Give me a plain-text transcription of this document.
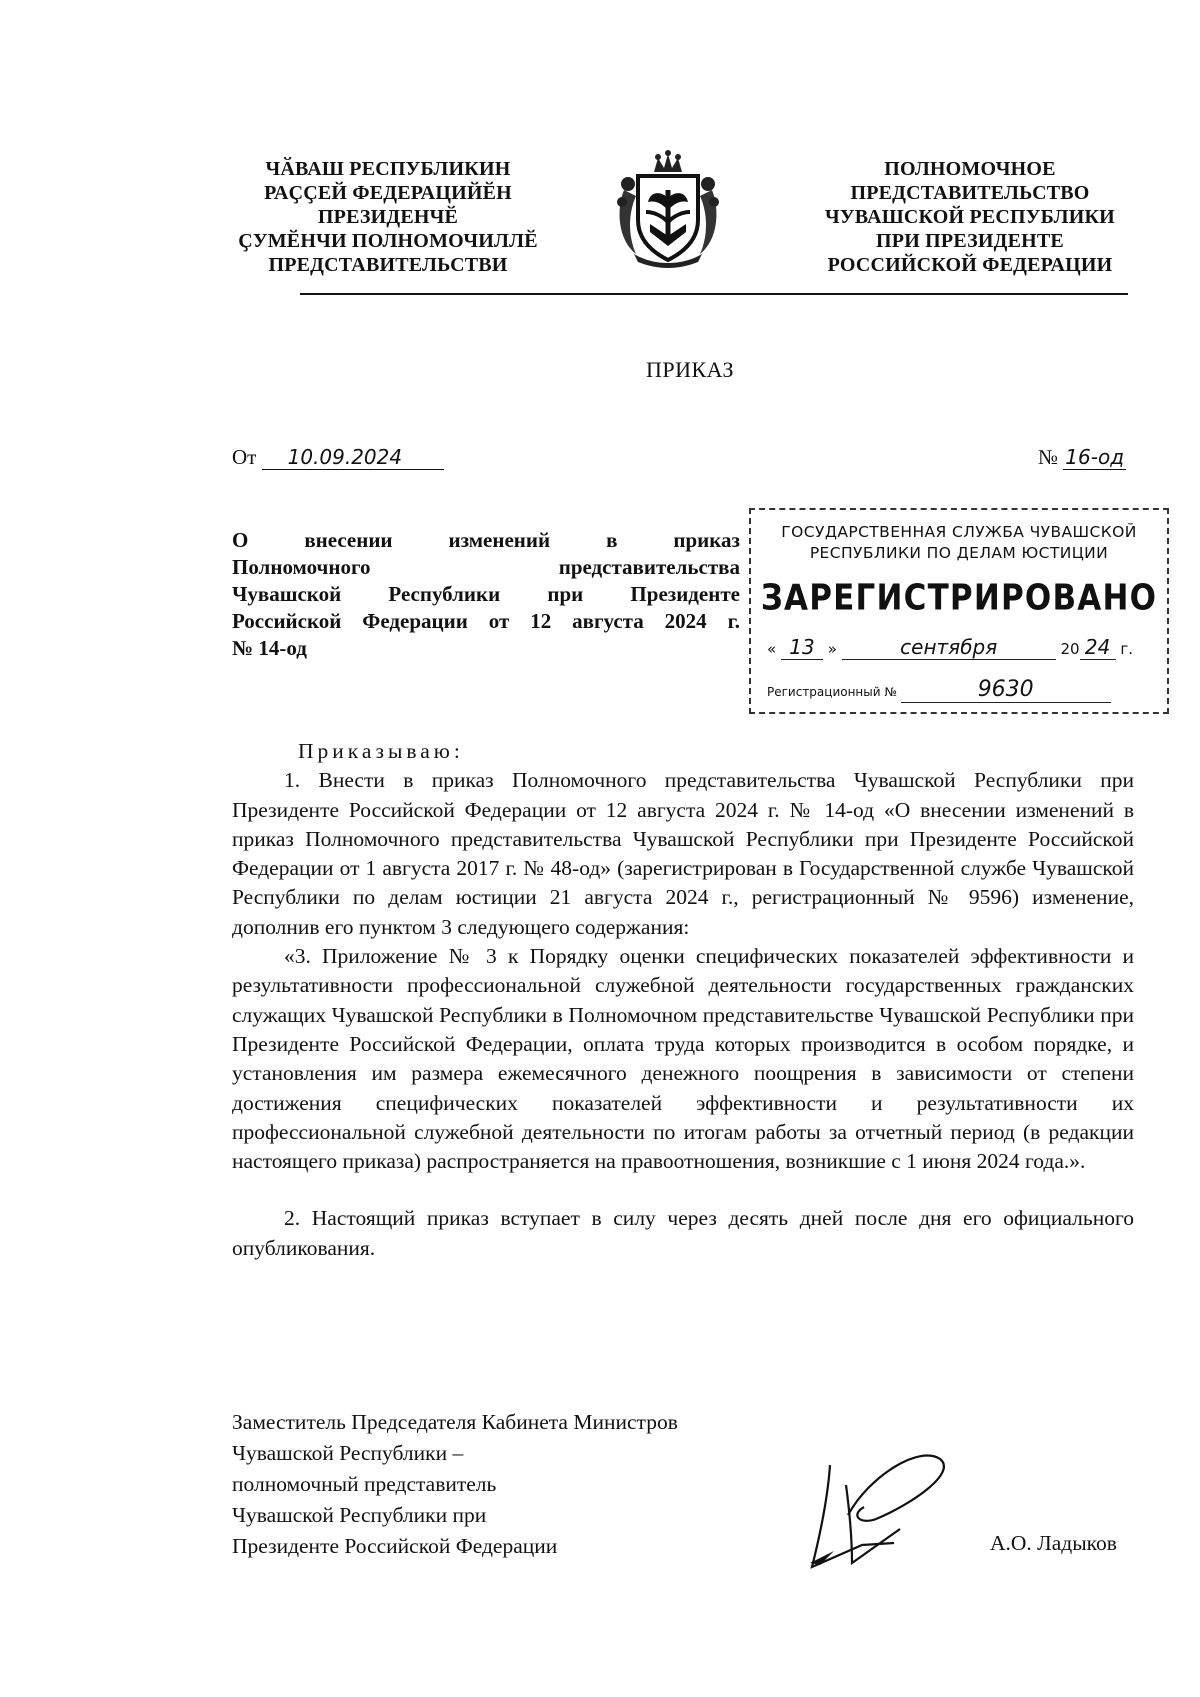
ЧӐВАШ РЕСПУБЛИКИН
РАҪҪЕЙ ФЕДЕРАЦИЙӖН
ПРЕЗИДЕНЧӖ
ҪУМӖНЧИ ПОЛНОМОЧИЛЛӖ
ПРЕДСТАВИТЕЛЬСТВИ
ПОЛНОМОЧНОЕ
ПРЕДСТАВИТЕЛЬСТВО
ЧУВАШСКОЙ РЕСПУБЛИКИ
ПРИ ПРЕЗИДЕНТЕ
РОССИЙСКОЙ ФЕДЕРАЦИИ
ПРИКАЗ
От 10.09.2024	№ 16-од
О внесении изменений в приказ
Полномочного представительства
Чувашской Республики при Президенте
Российской Федерации от 12 августа 2024 г.
№ 14-од
ГОСУДАРСТВЕННАЯ СЛУЖБА ЧУВАШСКОЙ
РЕСПУБЛИКИ ПО ДЕЛАМ ЮСТИЦИИ
ЗАРЕГИСТРИРОВАНО
« 13 »	сентября	20 24 г.
Регистрационный №	9630

Приказываю:

1. Внести в приказ Полномочного представительства Чувашской Республики при Президенте Российской Федерации от 12 августа 2024 г. № 14-од «О внесении изменений в приказ Полномочного представительства Чувашской Республики при Президенте Российской Федерации от 1 августа 2017 г. № 48-од» (зарегистрирован в Государственной службе Чувашской Республики по делам юстиции 21 августа 2024 г., регистрационный № 9596) изменение, дополнив его пунктом 3 следующего содержания:

«3. Приложение № 3 к Порядку оценки специфических показателей эффективности и результативности профессиональной служебной деятельности государственных гражданских служащих Чувашской Республики в Полномочном представительстве Чувашской Республики при Президенте Российской Федерации, оплата труда которых производится в особом порядке, и установления им размера ежемесячного денежного поощрения в зависимости от степени достижения специфических показателей эффективности и результативности их профессиональной служебной деятельности по итогам работы за отчетный период (в редакции настоящего приказа) распространяется на правоотношения, возникшие с 1 июня 2024 года.».

2. Настоящий приказ вступает в силу через десять дней после дня его официального опубликования.

Заместитель Председателя Кабинета Министров
Чувашской Республики –
полномочный представитель
Чувашской Республики при
Президенте Российской Федерации	А.О. Ладыков
